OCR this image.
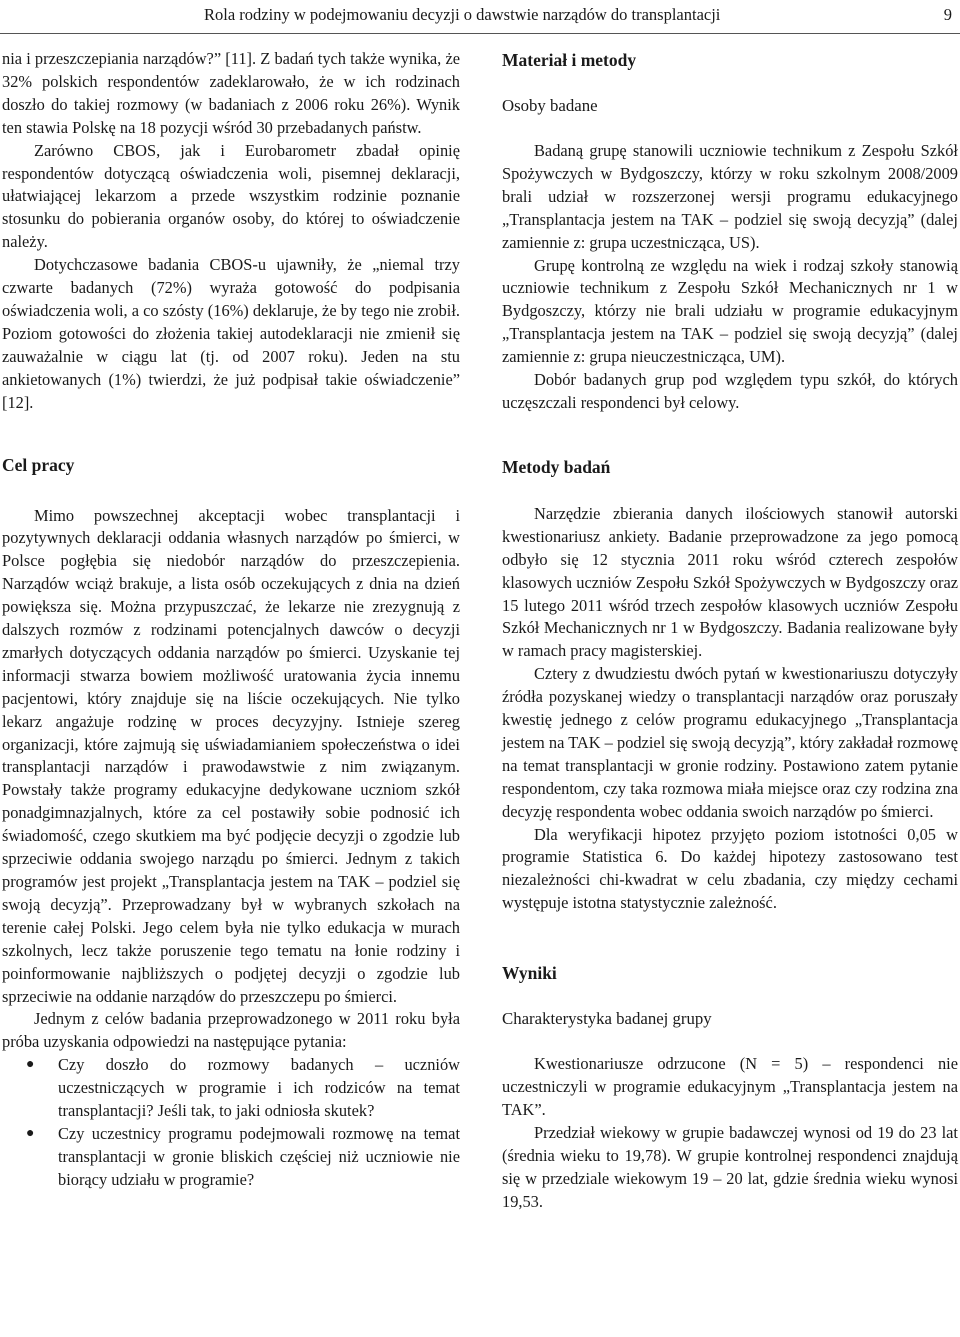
Rola rodziny w podejmowaniu decyzji o dawstwie narządów do transplantacji	9

nia i przeszczepiania narządów?” [11]. Z badań tych także wynika, że 32% polskich respondentów zadeklarowało, że w ich rodzinach doszło do takiej rozmowy (w badaniach z 2006 roku 26%). Wynik ten stawia Polskę na 18 pozycji wśród 30 przebadanych państw.

Zarówno CBOS, jak i Eurobarometr zbadał opinię respondentów dotyczącą oświadczenia woli, pisemnej deklaracji, ułatwiającej lekarzom a przede wszystkim rodzinie poznanie stosunku do pobierania organów osoby, do której to oświadczenie należy.

Dotychczasowe badania CBOS-u ujawniły, że „niemal trzy czwarte badanych (72%) wyraża gotowość do podpisania oświadczenia woli, a co szósty (16%) deklaruje, że by tego nie zrobił. Poziom gotowości do złożenia takiej autodeklaracji nie zmienił się zauważalnie w ciągu lat (tj. od 2007 roku). Jeden na stu ankietowanych (1%) twierdzi, że już podpisał takie oświadczenie” [12].

Cel pracy

Mimo powszechnej akceptacji wobec transplantacji i pozytywnych deklaracji oddania własnych narządów po śmierci, w Polsce pogłębia się niedobór narządów do przeszczepienia. Narządów wciąż brakuje, a lista osób oczekujących z dnia na dzień powiększa się. Można przypuszczać, że lekarze nie zrezygnują z dalszych rozmów z rodzinami potencjalnych dawców o decyzji zmarłych dotyczących oddania narządów po śmierci. Uzyskanie tej informacji stwarza bowiem możliwość uratowania życia innemu pacjentowi, który znajduje się na liście oczekujących. Nie tylko lekarz angażuje rodzinę w proces decyzyjny. Istnieje szereg organizacji, które zajmują się uświadamianiem społeczeństwa o idei transplantacji narządów i prawodawstwie z nim związanym. Powstały także programy edukacyjne dedykowane uczniom szkół ponadgimnazjalnych, które za cel postawiły sobie podnosić ich świadomość, czego skutkiem ma być podjęcie decyzji o zgodzie lub sprzeciwie oddania swojego narządu po śmierci. Jednym z takich programów jest projekt „Transplantacja jestem na TAK – podziel się swoją decyzją”. Przeprowadzany był w wybranych szkołach na terenie całej Polski. Jego celem była nie tylko edukacja w murach szkolnych, lecz także poruszenie tego tematu na łonie rodziny i poinformowanie najbliższych o podjętej decyzji o zgodzie lub sprzeciwie na oddanie narządów do przeszczepu po śmierci.

Jednym z celów badania przeprowadzonego w 2011 roku była próba uzyskania odpowiedzi na następujące pytania:

● Czy doszło do rozmowy badanych – uczniów uczestniczących w programie i ich rodziców na temat transplantacji? Jeśli tak, to jaki odniosła skutek?
● Czy uczestnicy programu podejmowali rozmowę na temat transplantacji w gronie bliskich częściej niż uczniowie nie biorący udziału w programie?
Materiał i metody
Osoby badane

Badaną grupę stanowili uczniowie technikum z Zespołu Szkół Spożywczych w Bydgoszczy, którzy w roku szkolnym 2008/2009 brali udział w rozszerzonej wersji programu edukacyjnego „Transplantacja jestem na TAK – podziel się swoją decyzją” (dalej zamiennie z: grupa uczestnicząca, US).

Grupę kontrolną ze względu na wiek i rodzaj szkoły stanowią uczniowie technikum z Zespołu Szkół Mechanicznych nr 1 w Bydgoszczy, którzy nie brali udziału w programie edukacyjnym „Transplantacja jestem na TAK – podziel się swoją decyzją” (dalej zamiennie z: grupa nieuczestnicząca, UM).

Dobór badanych grup pod względem typu szkół, do których uczęszczali respondenci był celowy.

Metody badań

Narzędzie zbierania danych ilościowych stanowił autorski kwestionariusz ankiety. Badanie przeprowadzone za jego pomocą odbyło się 12 stycznia 2011 roku wśród czterech zespołów klasowych uczniów Zespołu Szkół Spożywczych w Bydgoszczy oraz 15 lutego 2011 wśród trzech zespołów klasowych uczniów Zespołu Szkół Mechanicznych nr 1 w Bydgoszczy. Badania realizowane były w ramach pracy magisterskiej.

Cztery z dwudziestu dwóch pytań w kwestionariuszu dotyczyły źródła pozyskanej wiedzy o transplantacji narządów oraz poruszały kwestię jednego z celów programu edukacyjnego „Transplantacja jestem na TAK – podziel się swoją decyzją”, który zakładał rozmowę na temat transplantacji w gronie rodziny. Postawiono zatem pytanie respondentom, czy taka rozmowa miała miejsce oraz czy rodzina zna decyzję respondenta wobec oddania swoich narządów po śmierci.

Dla weryfikacji hipotez przyjęto poziom istotności 0,05 w programie Statistica 6. Do każdej hipotezy zastosowano test niezależności chi-kwadrat w celu zbadania, czy między cechami występuje istotna statystycznie zależność.

Wyniki
Charakterystyka badanej grupy

Kwestionariusze odrzucone (N = 5) – respondenci nie uczestniczyli w programie edukacyjnym „Transplantacja jestem na TAK”.

Przedział wiekowy w grupie badawczej wynosi od 19 do 23 lat (średnia wieku to 19,78). W grupie kontrolnej respondenci znajdują się w przedziale wiekowym 19 – 20 lat, gdzie średnia wieku wynosi 19,53.
